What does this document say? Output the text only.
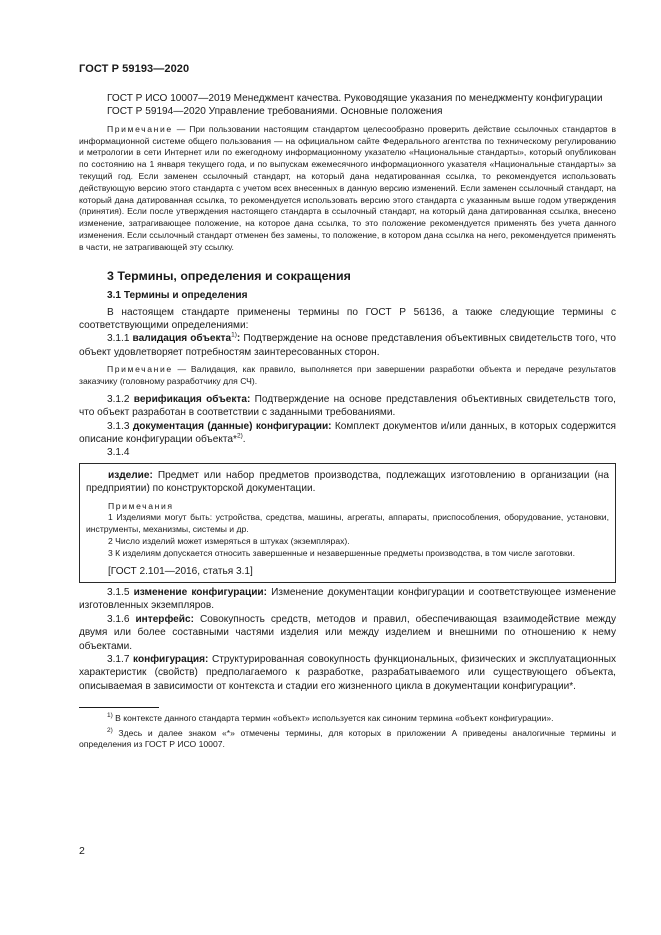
ГОСТ Р 59193—2020

ГОСТ Р ИСО 10007—2019 Менеджмент качества. Руководящие указания по менеджменту конфигурации

ГОСТ Р 59194—2020 Управление требованиями. Основные положения

Примечание — При пользовании настоящим стандартом целесообразно проверить действие ссылочных стандартов в информационной системе общего пользования — на официальном сайте Федерального агентства по техническому регулированию и метрологии в сети Интернет или по ежегодному информационному указателю «Национальные стандарты», который опубликован по состоянию на 1 января текущего года, и по выпускам ежемесячного информационного указателя «Национальные стандарты» за текущий год. Если заменен ссылочный стандарт, на который дана недатированная ссылка, то рекомендуется использовать действующую версию этого стандарта с учетом всех внесенных в данную версию изменений. Если заменен ссылочный стандарт, на который дана датированная ссылка, то рекомендуется использовать версию этого стандарта с указанным выше годом утверждения (принятия). Если после утверждения настоящего стандарта в ссылочный стандарт, на который дана датированная ссылка, внесено изменение, затрагивающее положение, на которое дана ссылка, то это положение рекомендуется применять без учета данного изменения. Если ссылочный стандарт отменен без замены, то положение, в котором дана ссылка на него, рекомендуется применять в части, не затрагивающей эту ссылку.

3 Термины, определения и сокращения
3.1 Термины и определения

В настоящем стандарте применены термины по ГОСТ Р 56136, а также следующие термины с соответствующими определениями:

3.1.1 валидация объекта$^{1)}$: Подтверждение на основе представления объективных свидетельств того, что объект удовлетворяет потребностям заинтересованных сторон.

Примечание — Валидация, как правило, выполняется при завершении разработки объекта и передаче результатов заказчику (головному разработчику для СЧ).

3.1.2 верификация объекта: Подтверждение на основе представления объективных свидетельств того, что объект разработан в соответствии с заданными требованиями.

3.1.3 документация (данные) конфигурации: Комплект документов и/или данных, в которых содержится описание конфигурации объекта*$^{2)}$.

3.1.4

изделие: Предмет или набор предметов производства, подлежащих изготовлению в организации (на предприятии) по конструкторской документации.

Примечания

1 Изделиями могут быть: устройства, средства, машины, агрегаты, аппараты, приспособления, оборудование, установки, инструменты, механизмы, системы и др.

2 Число изделий может измеряться в штуках (экземплярах).

3 К изделиям допускается относить завершенные и незавершенные предметы производства, в том числе заготовки.

[ГОСТ 2.101—2016, статья 3.1]

3.1.5 изменение конфигурации: Изменение документации конфигурации и соответствующее изменение изготовленных экземпляров.

3.1.6 интерфейс: Совокупность средств, методов и правил, обеспечивающая взаимодействие между двумя или более составными частями изделия или между изделием и внешними по отношению к нему объектами.

3.1.7 конфигурация: Структурированная совокупность функциональных, физических и эксплуатационных характеристик (свойств) предполагаемого к разработке, разрабатываемого или существующего объекта, описываемая в зависимости от контекста и стадии его жизненного цикла в документации конфигурации*.

$^{1)}$ В контексте данного стандарта термин «объект» используется как синоним термина «объект конфигурации».

$^{2)}$ Здесь и далее знаком «*» отмечены термины, для которых в приложении А приведены аналогичные термины и определения из ГОСТ Р ИСО 10007.

2
